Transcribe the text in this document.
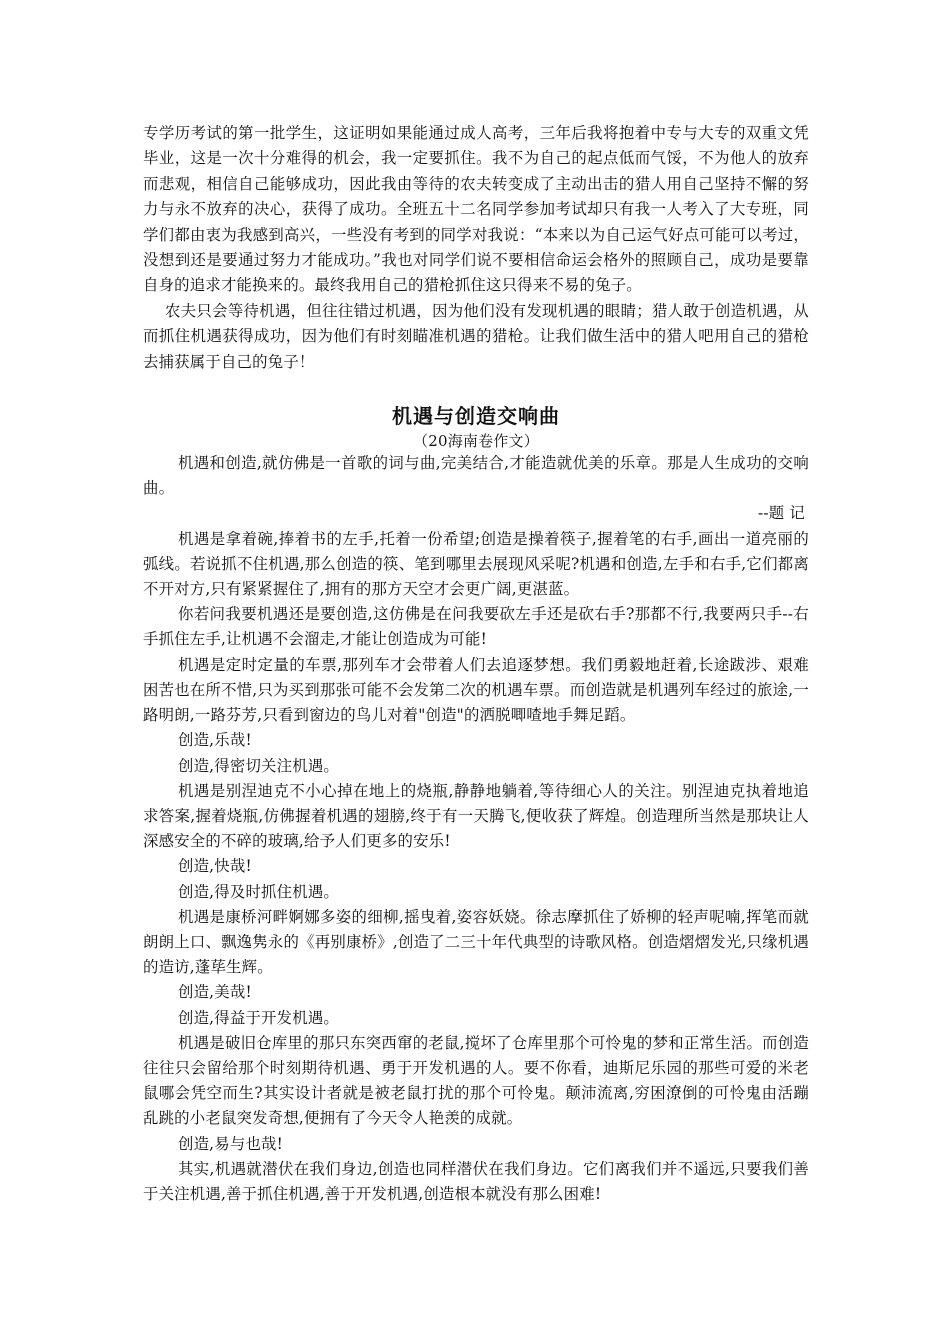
专学历考试的第一批学生，这证明如果能通过成人高考，三年后我将抱着中专与大专的双重文凭毕业，这是一次十分难得的机会，我一定要抓住。我不为自己的起点低而气馁，不为他人的放弃而悲观，相信自己能够成功，因此我由等待的农夫转变成了主动出击的猎人用自己坚持不懈的努力与永不放弃的决心，获得了成功。全班五十二名同学参加考试却只有我一人考入了大专班，同学们都由衷为我感到高兴，一些没有考到的同学对我说：“本来以为自己运气好点可能可以考过，没想到还是要通过努力才能成功。”我也对同学们说不要相信命运会格外的照顾自己，成功是要靠自身的追求才能换来的。最终我用自己的猎枪抓住这只得来不易的兔子。

农夫只会等待机遇，但往往错过机遇，因为他们没有发现机遇的眼睛；猎人敢于创造机遇，从而抓住机遇获得成功，因为他们有时刻瞄准机遇的猎枪。让我们做生活中的猎人吧用自己的猎枪去捕获属于自己的兔子！

机遇与创造交响曲
（20海南卷作文）

机遇和创造,就仿佛是一首歌的词与曲,完美结合,才能造就优美的乐章。那是人生成功的交响曲。

--题 记

机遇是拿着碗,捧着书的左手,托着一份希望;创造是操着筷子,握着笔的右手,画出一道亮丽的弧线。若说抓不住机遇,那么创造的筷、笔到哪里去展现风采呢?机遇和创造,左手和右手,它们都离 不开对方,只有紧紧握住了,拥有的那方天空才会更广阔,更湛蓝。

你若问我要机遇还是要创造,这仿佛是在问我要砍左手还是砍右手?那都不行,我要两只手--右手抓住左手,让机遇不会溜走,才能让创造成为可能!

机遇是定时定量的车票,那列车才会带着人们去追逐梦想。我们勇毅地赶着,长途跋涉、艰难困苦也在所不惜,只为买到那张可能不会发第二次的机遇车票。而创造就是机遇列车经过的旅途,一路明朗,一路芬芳,只看到窗边的鸟儿对着"创造"的洒脱唧喳地手舞足蹈。

创造,乐哉!

创造,得密切关注机遇。

机遇是别涅迪克不小心掉在地上的烧瓶,静静地躺着,等待细心人的关注。别涅迪克执着地追求答案,握着烧瓶,仿佛握着机遇的翅膀,终于有一天腾飞,便收获了辉煌。创造理所当然是那块让人深感安全的不碎的玻璃,给予人们更多的安乐!

创造,快哉!

创造,得及时抓住机遇。

机遇是康桥河畔婀娜多姿的细柳,摇曳着,姿容妖娆。徐志摩抓住了娇柳的轻声呢喃,挥笔而就朗朗上口、飘逸隽永的《再别康桥》,创造了二三十年代典型的诗歌风格。创造熠熠发光,只缘机遇的造访,蓬荜生辉。

创造,美哉!

创造,得益于开发机遇。

机遇是破旧仓库里的那只东突西窜的老鼠,搅坏了仓库里那个可怜鬼的梦和正常生活。而创造往往只会留给那个时刻期待机遇、勇于开发机遇的人。要不你看，迪斯尼乐园的那些可爱的米老鼠哪会凭空而生?其实设计者就是被老鼠打扰的那个可怜鬼。颠沛流离,穷困潦倒的可怜鬼由活蹦乱跳的小老鼠突发奇想,便拥有了今天令人艳羡的成就。

创造,易与也哉!

其实,机遇就潜伏在我们身边,创造也同样潜伏在我们身边。它们离我们并不遥远,只要我们善于关注机遇,善于抓住机遇,善于开发机遇,创造根本就没有那么困难!
